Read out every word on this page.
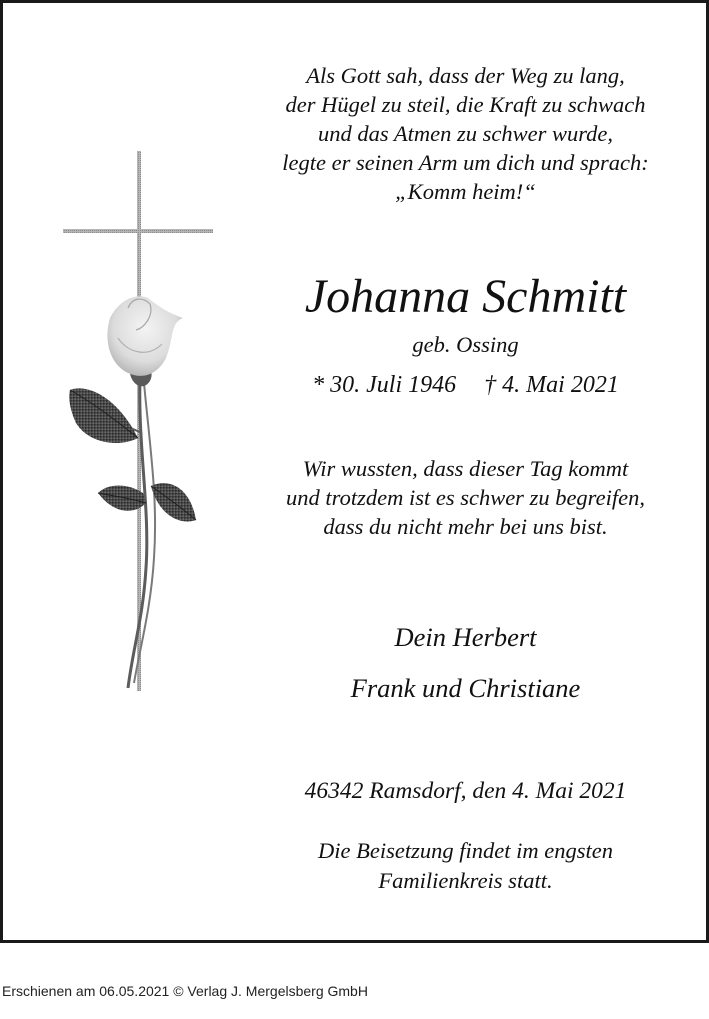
Als Gott sah, dass der Weg zu lang,
der Hügel zu steil, die Kraft zu schwach
und das Atmen zu schwer wurde,
legte er seinen Arm um dich und sprach:
„Komm heim!“
Johanna Schmitt
geb. Ossing
* 30. Juli 1946 † 4. Mai 2021
Wir wussten, dass dieser Tag kommt
und trotzdem ist es schwer zu begreifen,
dass du nicht mehr bei uns bist.
Dein Herbert
Frank und Christiane
46342 Ramsdorf, den 4. Mai 2021
Die Beisetzung findet im engsten
Familienkreis statt.
Erschienen am 06.05.2021 © Verlag J. Mergelsberg GmbH
